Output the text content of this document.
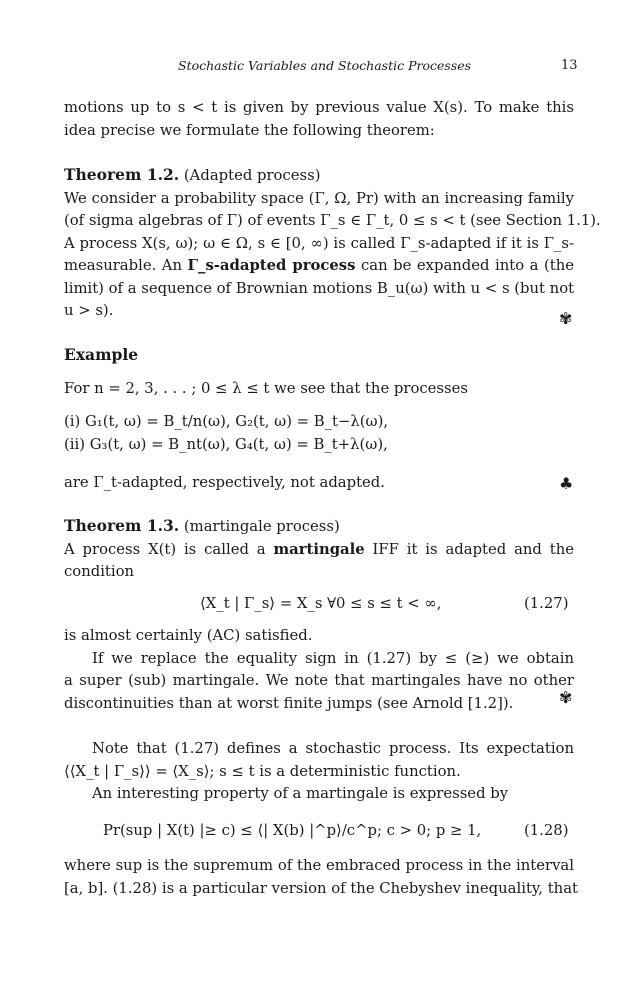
Stochastic Variables and Stochastic Processes	13
motions up to s < t is given by previous value X(s). To make this
idea precise we formulate the following theorem:
Theorem 1.2. (Adapted process)
We consider a probability space (Γ, Ω, Pr) with an increasing family
(of sigma algebras of Γ) of events Γ_s ∈ Γ_t, 0 ≤ s < t (see Section 1.1).
A process X(s, ω); ω ∈ Ω, s ∈ [0, ∞) is called Γ_s-adapted if it is Γ_s-
measurable. An Γ_s-adapted process can be expanded into a (the
limit) of a sequence of Brownian motions B_u(ω) with u < s (but not
u > s).	✾
Example
For n = 2, 3, . . . ; 0 ≤ λ ≤ t we see that the processes
(i) G₁(t, ω) = B_t/n(ω), G₂(t, ω) = B_t−λ(ω),
(ii) G₃(t, ω) = B_nt(ω), G₄(t, ω) = B_t+λ(ω),
are Γ_t-adapted, respectively, not adapted.	♣
Theorem 1.3. (martingale process)
A process X(t) is called a martingale IFF it is adapted and the
condition
⟨X_t | Γ_s⟩ = X_s ∀0 ≤ s ≤ t < ∞,	(1.27)
is almost certainly (AC) satisfied.
If we replace the equality sign in (1.27) by ≤ (≥) we obtain
a super (sub) martingale. We note that martingales have no other
discontinuities than at worst finite jumps (see Arnold [1.2]).	✾
Note that (1.27) defines a stochastic process. Its expectation
⟨⟨X_t | Γ_s⟩⟩ = ⟨X_s⟩; s ≤ t is a deterministic function.
An interesting property of a martingale is expressed by
Pr(sup | X(t) |≥ c) ≤ ⟨| X(b) |^p⟩/c^p; c > 0; p ≥ 1,	(1.28)
where sup is the supremum of the embraced process in the interval
[a, b]. (1.28) is a particular version of the Chebyshev inequality, that
